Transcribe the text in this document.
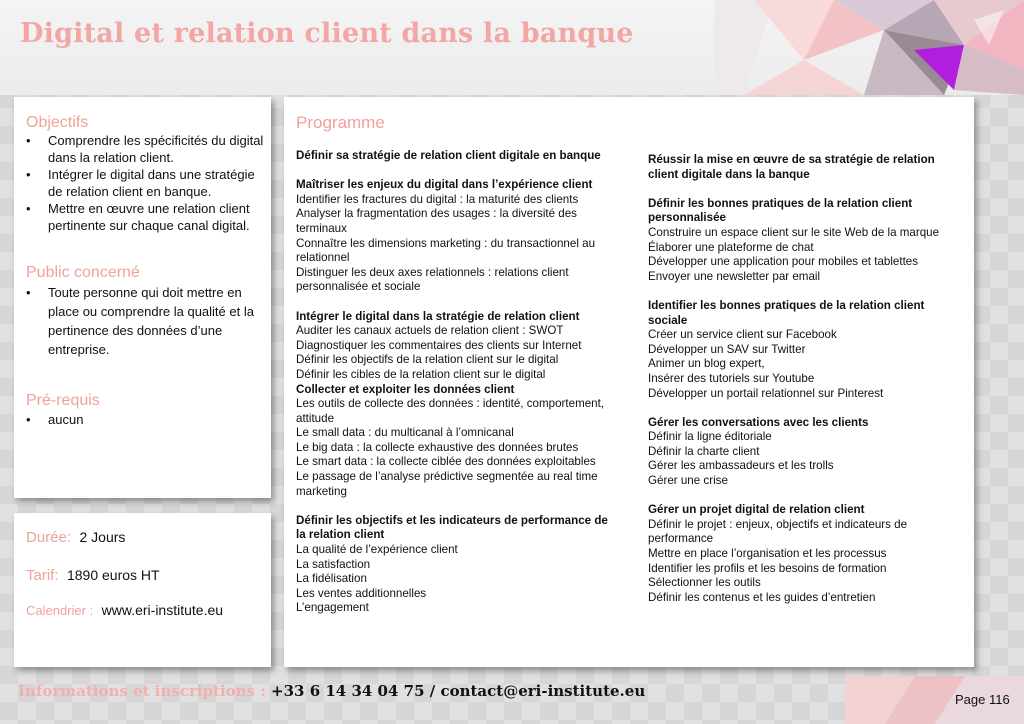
Digital et relation client dans la banque
Objectifs
• Comprendre les spécificités du digital dans la relation client.
• Intégrer le digital dans une stratégie de relation client en banque.
• Mettre en œuvre une relation client pertinente sur chaque canal digital.
Public concerné
• Toute personne qui doit mettre en place ou comprendre la qualité et la pertinence des données d’une entreprise.
Pré-requis
• aucun
Durée: 2 Jours
Tarif: 1890 euros HT
Calendrier : www.eri-institute.eu
Programme
Définir sa stratégie de relation client digitale en banque
Maîtriser les enjeux du digital dans l’expérience client
Identifier les fractures du digital : la maturité des clients
Analyser la fragmentation des usages : la diversité des terminaux
Connaître les dimensions marketing : du transactionnel au relationnel
Distinguer les deux axes relationnels : relations client personnalisée et sociale
Intégrer le digital dans la stratégie de relation client
Auditer les canaux actuels de relation client : SWOT
Diagnostiquer les commentaires des clients sur Internet
Définir les objectifs de la relation client sur le digital
Définir les cibles de la relation client sur le digital
Collecter et exploiter les données client
Les outils de collecte des données : identité, comportement, attitude
Le small data : du multicanal à l’omnicanal
Le big data : la collecte exhaustive des données brutes
Le smart data : la collecte ciblée des données exploitables
Le passage de l’analyse prédictive segmentée au real time marketing
Définir les objectifs et les indicateurs de performance de la relation client
La qualité de l’expérience client
La satisfaction
La fidélisation
Les ventes additionnelles
L’engagement
Réussir la mise en œuvre de sa stratégie de relation client digitale dans la banque
Définir les bonnes pratiques de la relation client personnalisée
Construire un espace client sur le site Web de la marque
Élaborer une plateforme de chat
Développer une application pour mobiles et tablettes
Envoyer une newsletter par email
Identifier les bonnes pratiques de la relation client sociale
Créer un service client sur Facebook
Développer un SAV sur Twitter
Animer un blog expert,
Insérer des tutoriels sur Youtube
Développer un portail relationnel sur Pinterest
Gérer les conversations avec les clients
Définir la ligne éditoriale
Définir la charte client
Gérer les ambassadeurs et les trolls
Gérer une crise
Gérer un projet digital de relation client
Définir le projet : enjeux, objectifs et indicateurs de performance
Mettre en place l’organisation et les processus
Identifier les profils et les besoins de formation
Sélectionner les outils
Définir les contenus et les guides d’entretien
Informations et inscriptions : +33 6 14 34 04 75 / contact@eri-institute.eu	Page 116
